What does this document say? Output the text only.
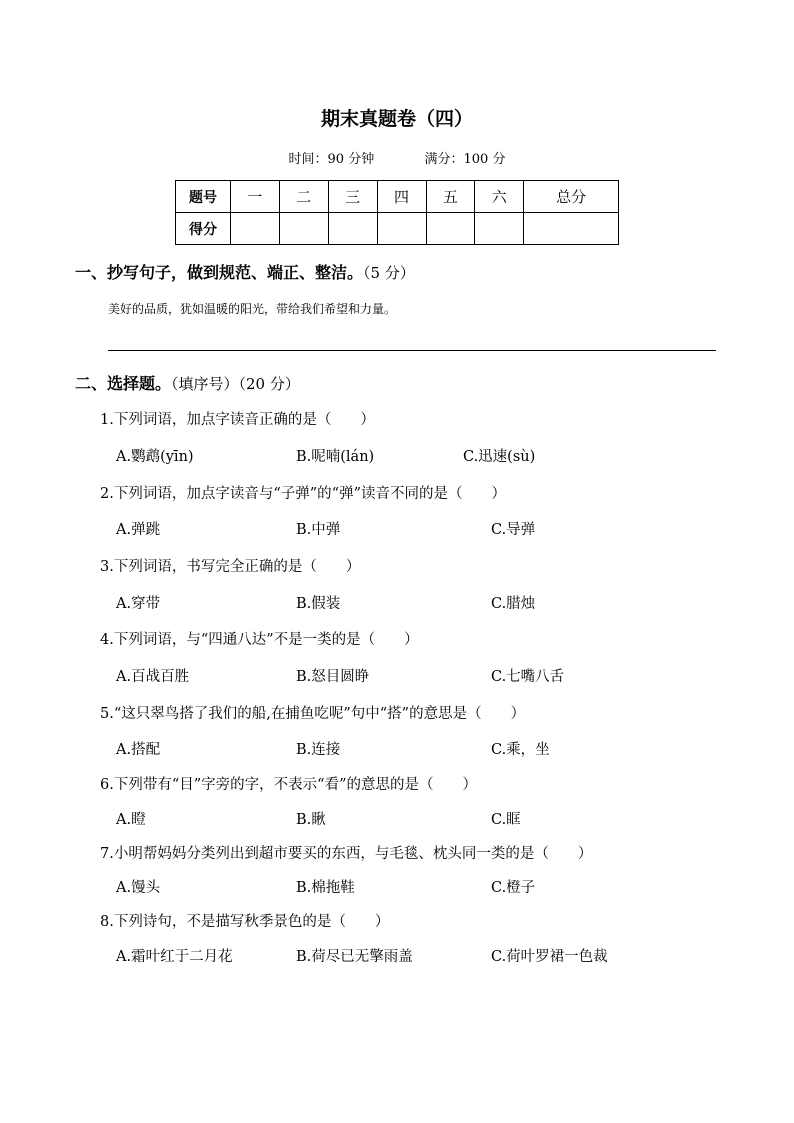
期末真题卷（四）
时间：90 分钟	满分：100 分
题号	一	二	三	四	五	六	总分
得分							
一、抄写句子，做到规范、端正、整洁。（5 分）
美好的品质，犹如温暖的阳光，带给我们希望和力量。
二、选择题。（填序号）（20 分）
1.下列词语，加点字读音正确的是（　　）
A.鹦鹉(yīn)	B.呢喃(lán)	C.迅速(sù)
2.下列词语，加点字读音与“子弹”的“弹”读音不同的是（　　）
A.弹跳	B.中弹	C.导弹
3.下列词语，书写完全正确的是（　　）
A.穿带	B.假装	C.腊烛
4.下列词语，与“四通八达”不是一类的是（　　）
A.百战百胜	B.怒目圆睁	C.七嘴八舌
5.“这只翠鸟搭了我们的船,在捕鱼吃呢”句中“搭”的意思是（　　）
A.搭配	B.连接	C.乘，坐
6.下列带有“目”字旁的字，不表示“看”的意思的是（　　）
A.瞪	B.瞅	C.眶
7.小明帮妈妈分类列出到超市要买的东西，与毛毯、枕头同一类的是（　　）
A.馒头	B.棉拖鞋	C.橙子
8.下列诗句，不是描写秋季景色的是（　　）
A.霜叶红于二月花	B.荷尽已无擎雨盖	C.荷叶罗裙一色裁
